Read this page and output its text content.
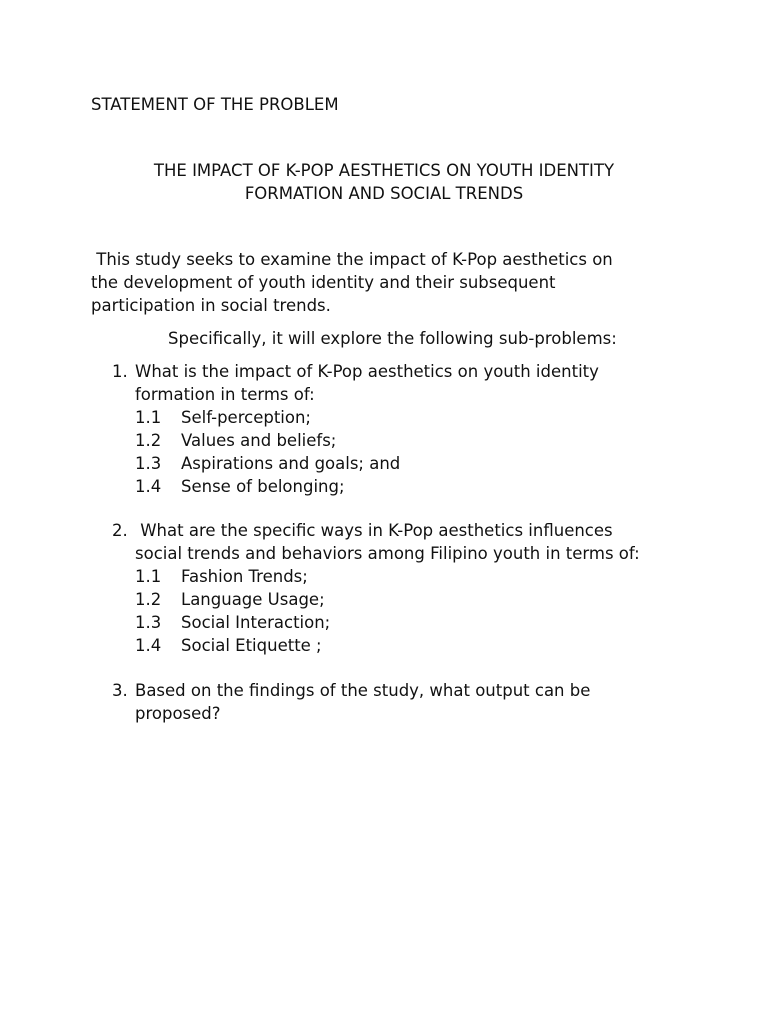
STATEMENT OF THE PROBLEM
THE IMPACT OF K-POP AESTHETICS ON YOUTH IDENTITY
FORMATION AND SOCIAL TRENDS
This study seeks to examine the impact of K-Pop aesthetics on
the development of youth identity and their subsequent
participation in social trends.
Specifically, it will explore the following sub-problems:
1. What is the impact of K-Pop aesthetics on youth identity
formation in terms of:
1.1 Self-perception;
1.2 Values and beliefs;
1.3 Aspirations and goals; and
1.4 Sense of belonging;
2. What are the specific ways in K-Pop aesthetics influences
social trends and behaviors among Filipino youth in terms of:
1.1 Fashion Trends;
1.2 Language Usage;
1.3 Social Interaction;
1.4 Social Etiquette ;
3. Based on the findings of the study, what output can be
proposed?
